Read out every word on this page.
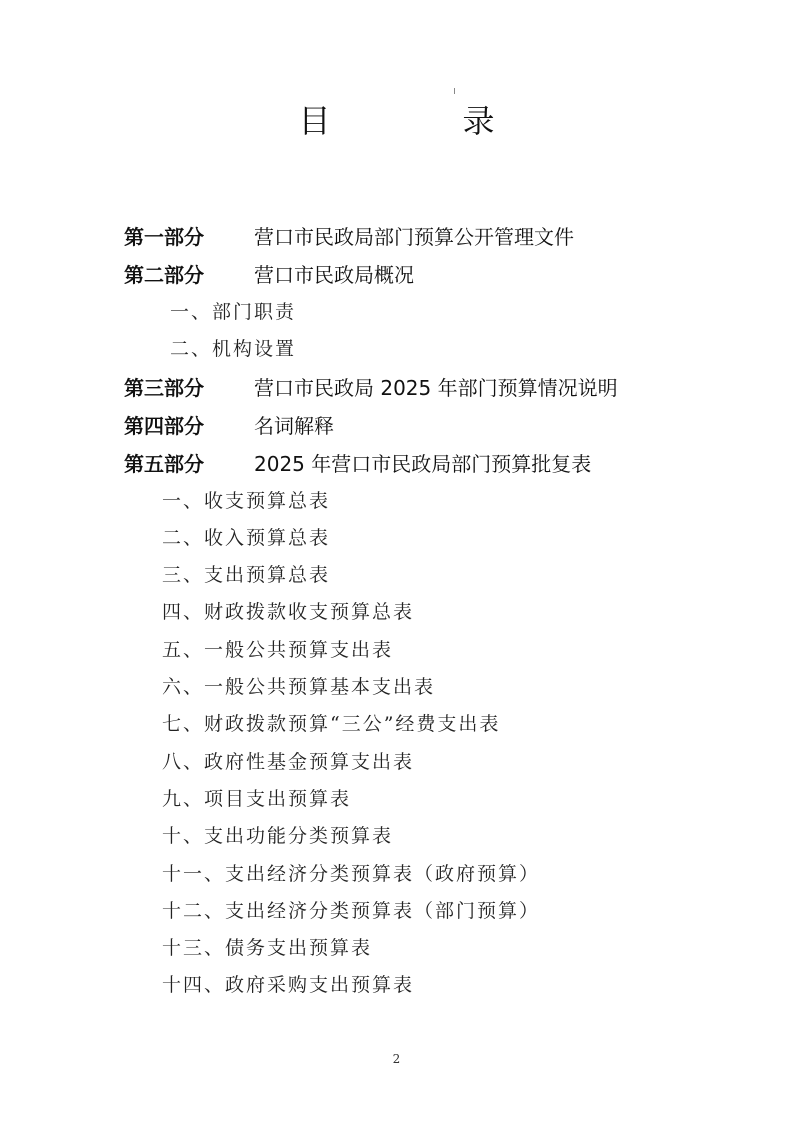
目　录
第一部分	营口市民政局部门预算公开管理文件
第二部分	营口市民政局概况
一、部门职责
二、机构设置
第三部分	营口市民政局 2025 年部门预算情况说明
第四部分	名词解释
第五部分	2025 年营口市民政局部门预算批复表
一、收支预算总表
二、收入预算总表
三、支出预算总表
四、财政拨款收支预算总表
五、一般公共预算支出表
六、一般公共预算基本支出表
七、财政拨款预算“三公”经费支出表
八、政府性基金预算支出表
九、项目支出预算表
十、支出功能分类预算表
十一、支出经济分类预算表（政府预算）
十二、支出经济分类预算表（部门预算）
十三、债务支出预算表
十四、政府采购支出预算表
2
